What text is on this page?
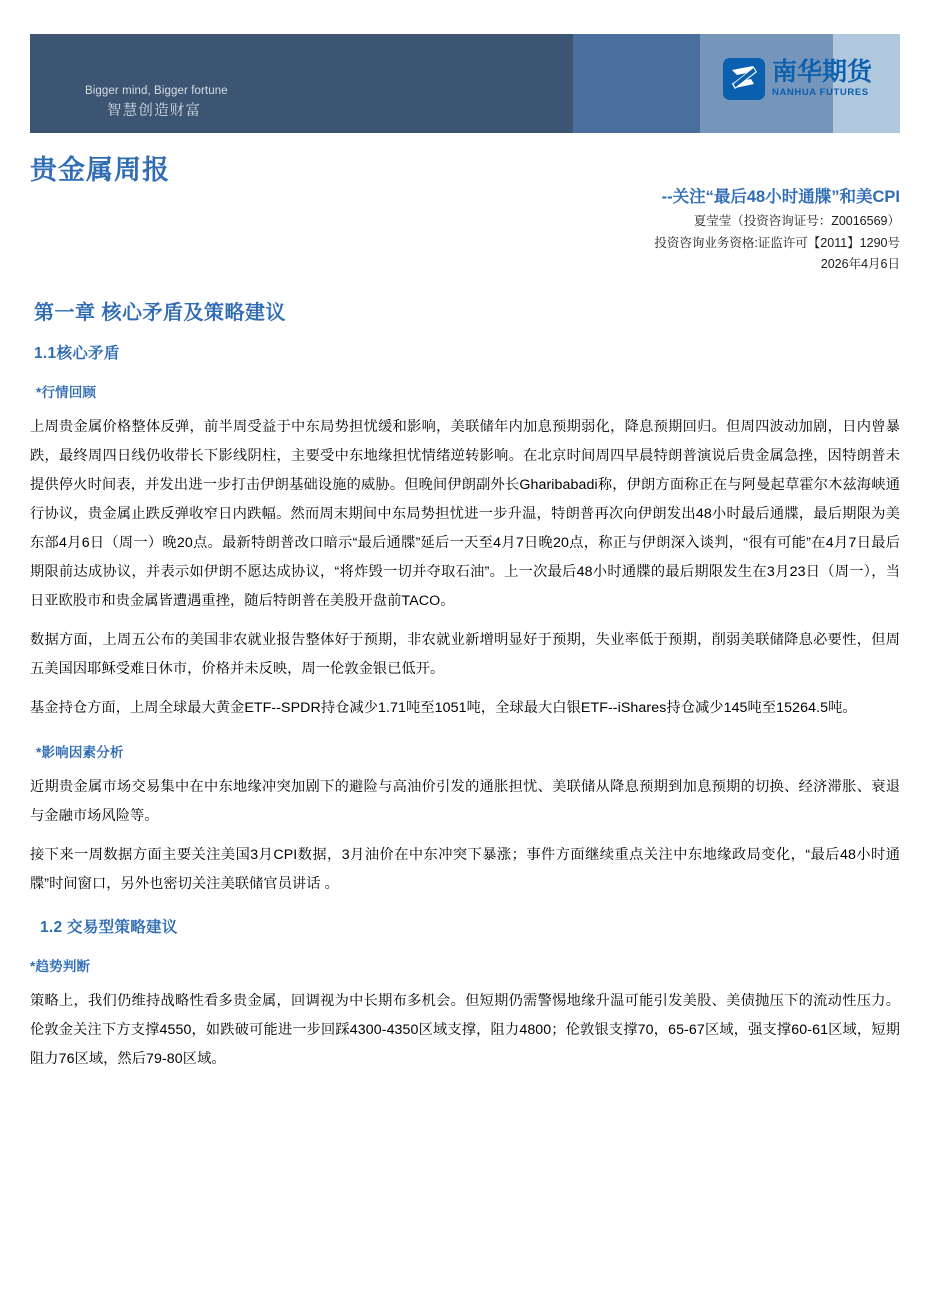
Bigger mind, Bigger fortune
智慧创造财富
南华期货
NANHUA FUTURES
贵金属周报
--关注“最后48小时通牒”和美CPI
夏莹莹（投资咨询证号：Z0016569）
投资咨询业务资格:证监许可【2011】1290号
2026年4月6日
第一章 核心矛盾及策略建议
1.1核心矛盾
*行情回顾

上周贵金属价格整体反弹，前半周受益于中东局势担忧缓和影响，美联储年内加息预期弱化，降息预期回归。但周四波动加剧，日内曾暴跌，最终周四日线仍收带长下影线阴柱，主要受中东地缘担忧情绪逆转影响。在北京时间周四早晨特朗普演说后贵金属急挫，因特朗普未提供停火时间表，并发出进一步打击伊朗基础设施的威胁。但晚间伊朗副外长Gharibabadi称，伊朗方面称正在与阿曼起草霍尔木兹海峡通行协议，贵金属止跌反弹收窄日内跌幅。然而周末期间中东局势担忧进一步升温，特朗普再次向伊朗发出48小时最后通牒，最后期限为美东部4月6日（周一）晚20点。最新特朗普改口暗示“最后通牒”延后一天至4月7日晚20点，称正与伊朗深入谈判，“很有可能”在4月7日最后期限前达成协议，并表示如伊朗不愿达成协议，“将炸毁一切并夺取石油”。上一次最后48小时通牒的最后期限发生在3月23日（周一），当日亚欧股市和贵金属皆遭遇重挫，随后特朗普在美股开盘前TACO。

数据方面，上周五公布的美国非农就业报告整体好于预期，非农就业新增明显好于预期，失业率低于预期，削弱美联储降息必要性，但周五美国因耶稣受难日休市，价格并未反映，周一伦敦金银已低开。

基金持仓方面，上周全球最大黄金ETF--SPDR持仓减少1.71吨至1051吨，全球最大白银ETF--iShares持仓减少145吨至15264.5吨。

*影响因素分析

近期贵金属市场交易集中在中东地缘冲突加剧下的避险与高油价引发的通胀担忧、美联储从降息预期到加息预期的切换、经济滞胀、衰退与金融市场风险等。

接下来一周数据方面主要关注美国3月CPI数据，3月油价在中东冲突下暴涨；事件方面继续重点关注中东地缘政局变化，“最后48小时通牒”时间窗口，另外也密切关注美联储官员讲话 。

1.2 交易型策略建议
*趋势判断

策略上，我们仍维持战略性看多贵金属，回调视为中长期布多机会。但短期仍需警惕地缘升温可能引发美股、美债抛压下的流动性压力。伦敦金关注下方支撑4550，如跌破可能进一步回踩4300-4350区域支撑，阻力4800；伦敦银支撑70，65-67区域，强支撑60-61区域，短期阻力76区域，然后79-80区域。
